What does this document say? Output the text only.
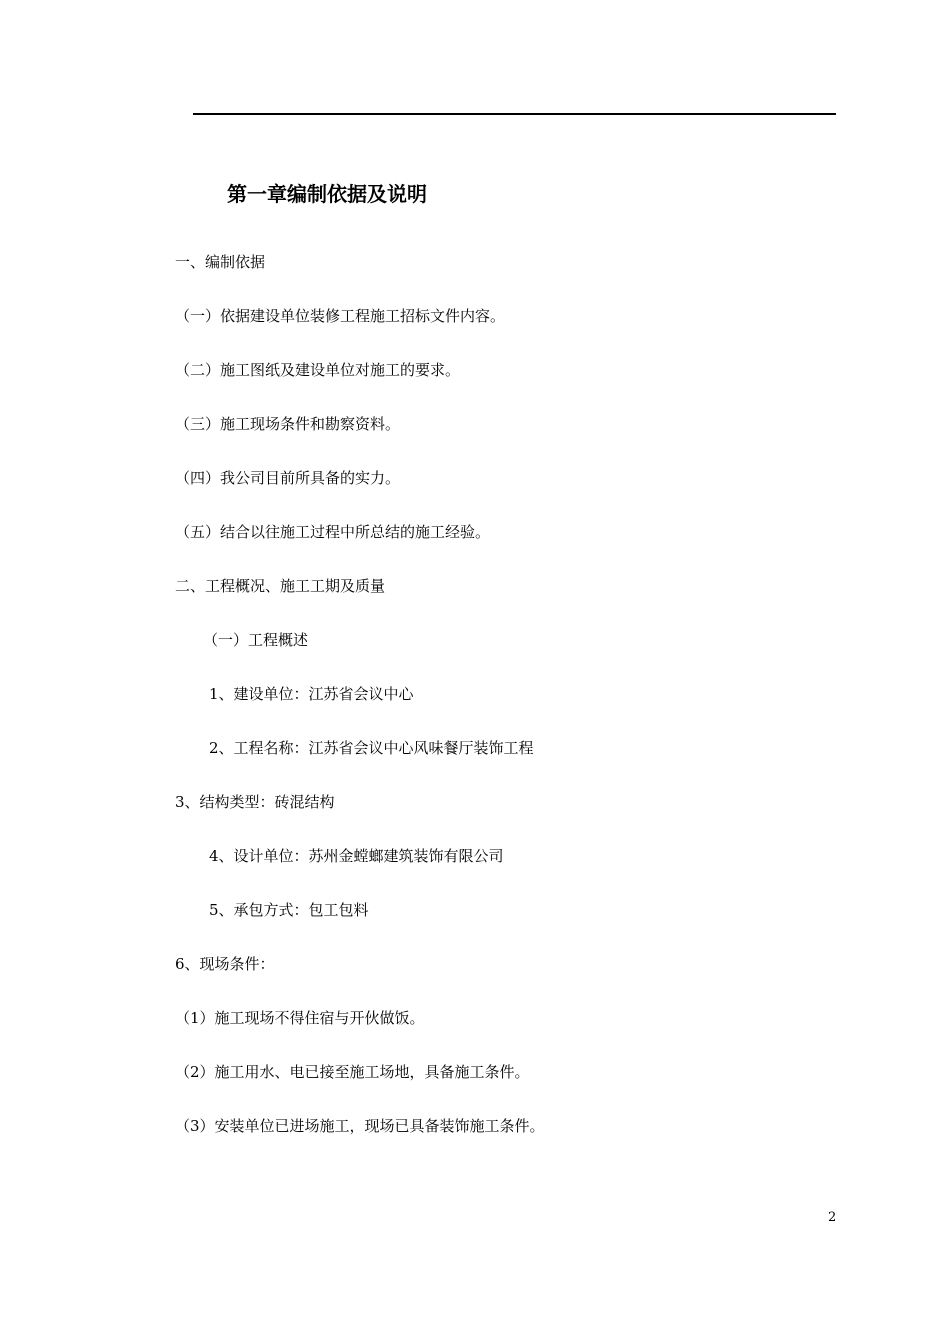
第一章编制依据及说明
一、编制依据
（一）依据建设单位装修工程施工招标文件内容。
（二）施工图纸及建设单位对施工的要求。
（三）施工现场条件和勘察资料。
（四）我公司目前所具备的实力。
（五）结合以往施工过程中所总结的施工经验。
二、工程概况、施工工期及质量
（一）工程概述
1、建设单位：江苏省会议中心
2、工程名称：江苏省会议中心风味餐厅装饰工程
3、结构类型：砖混结构
4、设计单位：苏州金螳螂建筑装饰有限公司
5、承包方式：包工包料
6、现场条件：
（1）施工现场不得住宿与开伙做饭。
（2）施工用水、电已接至施工场地，具备施工条件。
（3）安装单位已进场施工，现场已具备装饰施工条件。
2
